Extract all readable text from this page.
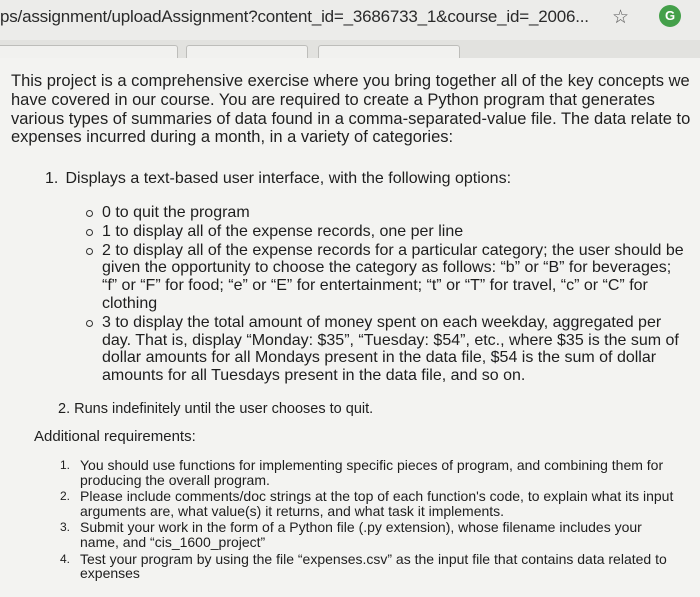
ps/assignment/uploadAssignment?content_id=_3686733_1&course_id=_2006... ☆	G

This project is a comprehensive exercise where you bring together all of the key concepts we have covered in our course. You are required to create a Python program that generates various types of summaries of data found in a comma-separated-value file. The data relate to expenses incurred during a month, in a variety of categories:

1. Displays a text-based user interface, with the following options:

0 to quit the program
1 to display all of the expense records, one per line
2 to display all of the expense records for a particular category; the user should be given the opportunity to choose the category as follows: “b” or “B” for beverages; “f” or “F” for food; “e” or “E” for entertainment; “t” or “T” for travel, “c” or “C” for clothing
3 to display the total amount of money spent on each weekday, aggregated per day. That is, display “Monday: $35”, “Tuesday: $54”, etc., where $35 is the sum of dollar amounts for all Mondays present in the data file, $54 is the sum of dollar amounts for all Tuesdays present in the data file, and so on.
2. Runs indefinitely until the user chooses to quit.
Additional requirements:
1. You should use functions for implementing specific pieces of program, and combining them for producing the overall program.
2. Please include comments/doc strings at the top of each function's code, to explain what its input arguments are, what value(s) it returns, and what task it implements.
3. Submit your work in the form of a Python file (.py extension), whose filename includes your name, and “cis_1600_project”
4. Test your program by using the file “expenses.csv” as the input file that contains data related to expenses
